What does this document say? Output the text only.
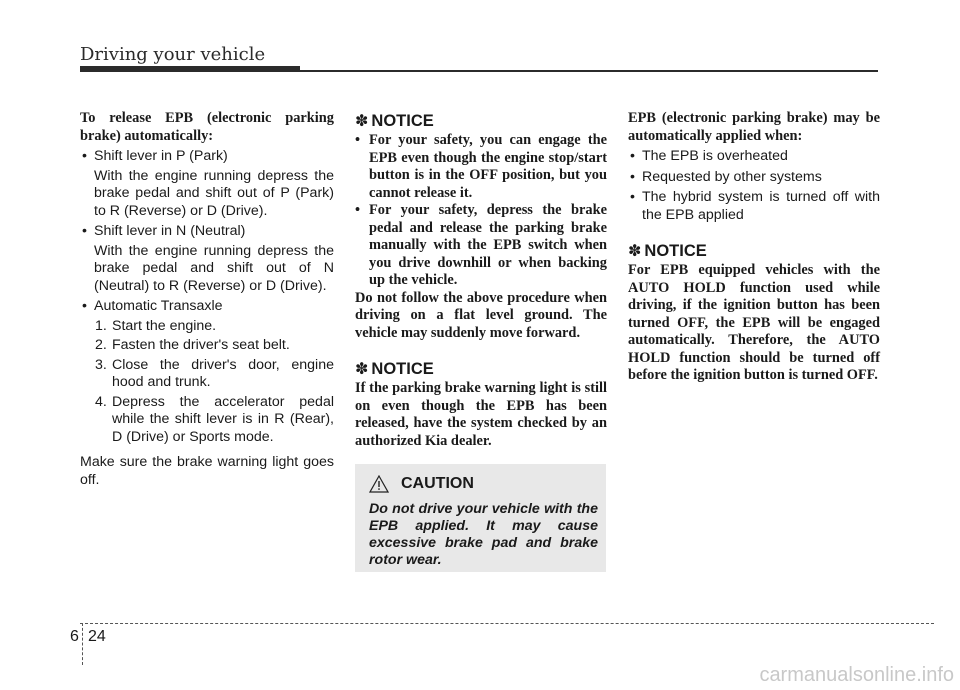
Driving your vehicle
To release EPB (electronic parking brake) automatically:
• Shift lever in P (Park)
With the engine running depress the brake pedal and shift out of P (Park) to R (Reverse) or D (Drive).
• Shift lever in N (Neutral)
With the engine running depress the brake pedal and shift out of N (Neutral) to R (Reverse) or D (Drive).
• Automatic Transaxle
1. Start the engine.
2. Fasten the driver's seat belt.
3. Close the driver's door, engine hood and trunk.
4. Depress the accelerator pedal while the shift lever is in R (Rear), D (Drive) or Sports mode.
Make sure the brake warning light goes off.
✽ NOTICE
• For your safety, you can engage the EPB even though the engine stop/start button is in the OFF position, but you cannot release it.
• For your safety, depress the brake pedal and release the parking brake manually with the EPB switch when you drive downhill or when backing up the vehicle.
Do not follow the above procedure when driving on a flat level ground. The vehicle may suddenly move forward.
✽ NOTICE
If the parking brake warning light is still on even though the EPB has been released, have the system checked by an authorized Kia dealer.
CAUTION
Do not drive your vehicle with the EPB applied. It may cause excessive brake pad and brake rotor wear.
EPB (electronic parking brake) may be automatically applied when:
• The EPB is overheated
• Requested by other systems
• The hybrid system is turned off with the EPB applied
✽ NOTICE
For EPB equipped vehicles with the AUTO HOLD function used while driving, if the ignition button has been turned OFF, the EPB will be engaged automatically. Therefore, the AUTO HOLD function should be turned off before the ignition button is turned OFF.
6 24
carmanualsonline.info
